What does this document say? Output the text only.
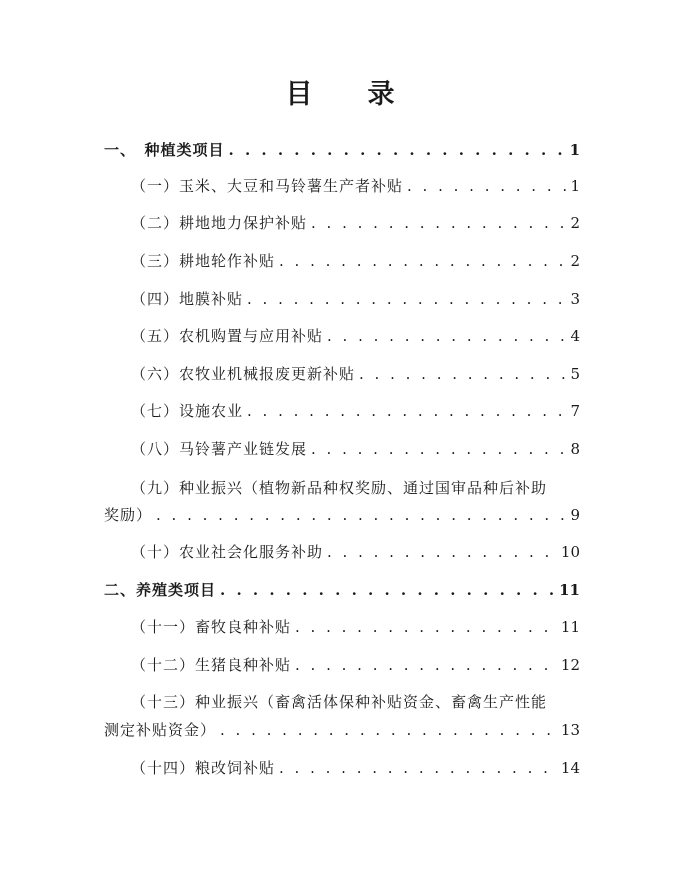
目　录
一、　种植类项目 . . .	1
（一）玉米、大豆和马铃薯生产者补贴 . . .	1
（二）耕地地力保护补贴 . . .	2
（三）耕地轮作补贴 . . .	2
（四）地膜补贴 . . .	3
（五）农机购置与应用补贴 . . .	4
（六）农牧业机械报废更新补贴 . . .	5
（七）设施农业 . . .	7
（八）马铃薯产业链发展 . . .	8
（九）种业振兴（植物新品种权奖励、通过国审品种后补助
奖励） . . .	9
（十）农业社会化服务补助 . . .	10
二、养殖类项目 . . .	11
（十一）畜牧良种补贴 . . .	11
（十二）生猪良种补贴 . . .	12
（十三）种业振兴（畜禽活体保种补贴资金、畜禽生产性能
测定补贴资金） . . .	13
（十四）粮改饲补贴 . . .	14
